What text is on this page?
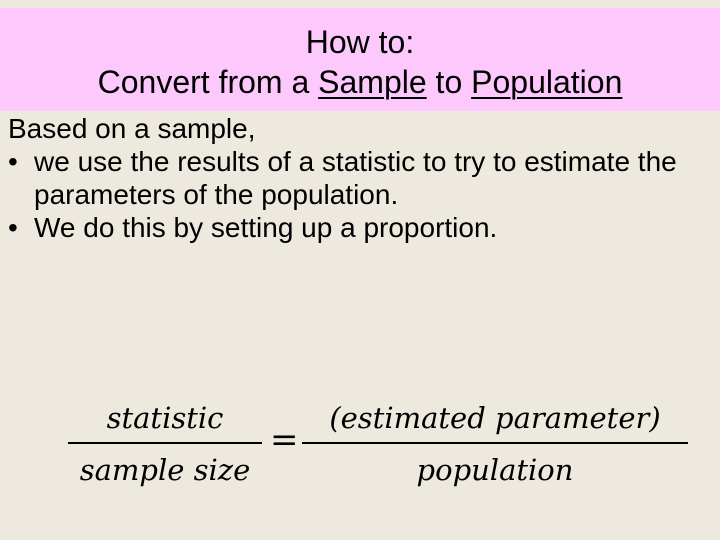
How to:
Convert from a Sample to Population

Based on a sample,

• we use the results of a statistic to try to estimate the parameters of the population.

• We do this by setting up a proportion.

statistic
sample size
=
(estimated parameter)
population
